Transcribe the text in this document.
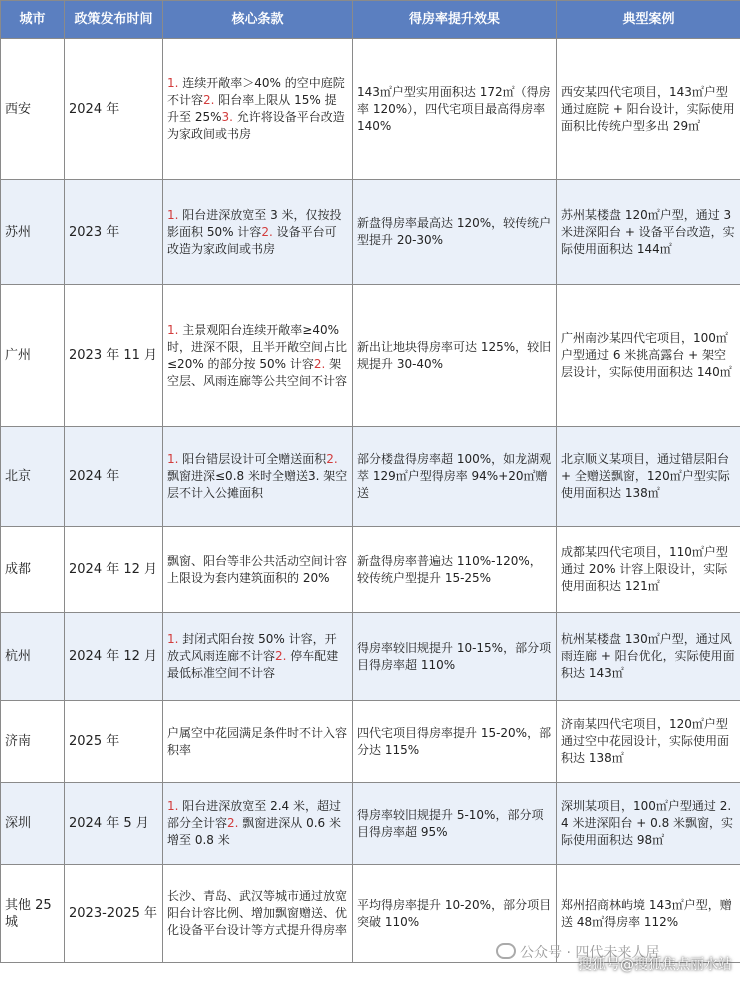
城市	政策发布时间	核心条款	得房率提升效果	典型案例
西安	2024 年	1. 连续开敞率＞40% 的空中庭院不计容2. 阳台率上限从 15% 提升至 25%3. 允许将设备平台改造为家政间或书房	143㎡户型实用面积达 172㎡（得房率 120%），四代宅项目最高得房率 140%	西安某四代宅项目，143㎡户型通过庭院 + 阳台设计，实际使用面积比传统户型多出 29㎡
苏州	2023 年	1. 阳台进深放宽至 3 米，仅按投影面积 50% 计容2. 设备平台可改造为家政间或书房	新盘得房率最高达 120%，较传统户型提升 20-30%	苏州某楼盘 120㎡户型，通过 3 米进深阳台 + 设备平台改造，实际使用面积达 144㎡
广州	2023 年 11 月	1. 主景观阳台连续开敞率≥40% 时，进深不限，且半开敞空间占比≤20% 的部分按 50% 计容2. 架空层、风雨连廊等公共空间不计容	新出让地块得房率可达 125%，较旧规提升 30-40%	广州南沙某四代宅项目，100㎡户型通过 6 米挑高露台 + 架空层设计，实际使用面积达 140㎡
北京	2024 年	1. 阳台错层设计可全赠送面积2. 飘窗进深≤0.8 米时全赠送3. 架空层不计入公摊面积	部分楼盘得房率超 100%，如龙湖观萃 129㎡户型得房率 94%+20㎡赠送	北京顺义某项目，通过错层阳台 + 全赠送飘窗，120㎡户型实际使用面积达 138㎡
成都	2024 年 12 月	飘窗、阳台等非公共活动空间计容上限设为套内建筑面积的 20%	新盘得房率普遍达 110%-120%，较传统户型提升 15-25%	成都某四代宅项目，110㎡户型通过 20% 计容上限设计，实际使用面积达 121㎡
杭州	2024 年 12 月	1. 封闭式阳台按 50% 计容，开放式风雨连廊不计容2. 停车配建最低标准空间不计容	得房率较旧规提升 10-15%，部分项目得房率超 110%	杭州某楼盘 130㎡户型，通过风雨连廊 + 阳台优化，实际使用面积达 143㎡
济南	2025 年	户属空中花园满足条件时不计入容积率	四代宅项目得房率提升 15-20%，部分达 115%	济南某四代宅项目，120㎡户型通过空中花园设计，实际使用面积达 138㎡
深圳	2024 年 5 月	1. 阳台进深放宽至 2.4 米，超过部分全计容2. 飘窗进深从 0.6 米增至 0.8 米	得房率较旧规提升 5-10%，部分项目得房率超 95%	深圳某项目，100㎡户型通过 2.4 米进深阳台 + 0.8 米飘窗，实际使用面积达 98㎡
其他 25 城	2023-2025 年	长沙、青岛、武汉等城市通过放宽阳台计容比例、增加飘窗赠送、优化设备平台设计等方式提升得房率	平均得房率提升 10-20%，部分项目突破 110%	郑州招商林屿境 143㎡户型，赠送 48㎡得房率 112%
公众号 · 四代未来人居
搜狐号@搜狐焦点丽水站
